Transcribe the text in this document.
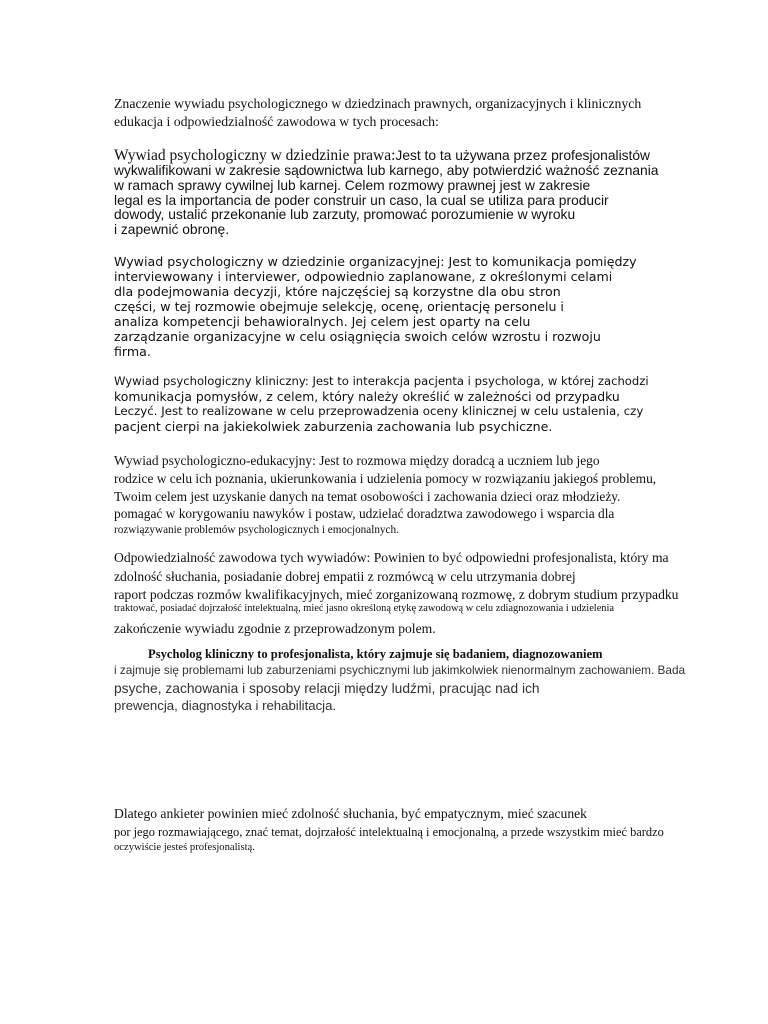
Znaczenie wywiadu psychologicznego w dziedzinach prawnych, organizacyjnych i klinicznych

edukacja i odpowiedzialność zawodowa w tych procesach:

Wywiad psychologiczny w dziedzinie prawa:Jest to ta używana przez profesjonalistów

wykwalifikowani w zakresie sądownictwa lub karnego, aby potwierdzić ważność zeznania

w ramach sprawy cywilnej lub karnej. Celem rozmowy prawnej jest w zakresie

legal es la importancia de poder construir un caso, la cual se utiliza para producir

dowody, ustalić przekonanie lub zarzuty, promować porozumienie w wyroku

i zapewnić obronę.

Wywiad psychologiczny w dziedzinie organizacyjnej: Jest to komunikacja pomiędzy

interviewowany i interviewer, odpowiednio zaplanowane, z określonymi celami

dla podejmowania decyzji, które najczęściej są korzystne dla obu stron

części, w tej rozmowie obejmuje selekcję, ocenę, orientację personelu i

analiza kompetencji behawioralnych. Jej celem jest oparty na celu

zarządzanie organizacyjne w celu osiągnięcia swoich celów wzrostu i rozwoju

firma.

Wywiad psychologiczny kliniczny: Jest to interakcja pacjenta i psychologa, w której zachodzi

komunikacja pomysłów, z celem, który należy określić w zależności od przypadku

Leczyć. Jest to realizowane w celu przeprowadzenia oceny klinicznej w celu ustalenia, czy

pacjent cierpi na jakiekolwiek zaburzenia zachowania lub psychiczne.

Wywiad psychologiczno-edukacyjny: Jest to rozmowa między doradcą a uczniem lub jego

rodzice w celu ich poznania, ukierunkowania i udzielenia pomocy w rozwiązaniu jakiegoś problemu,

Twoim celem jest uzyskanie danych na temat osobowości i zachowania dzieci oraz młodzieży.

pomagać w korygowaniu nawyków i postaw, udzielać doradztwa zawodowego i wsparcia dla

rozwiązywanie problemów psychologicznych i emocjonalnych.

Odpowiedzialność zawodowa tych wywiadów: Powinien to być odpowiedni profesjonalista, który ma

zdolność słuchania, posiadanie dobrej empatii z rozmówcą w celu utrzymania dobrej

raport podczas rozmów kwalifikacyjnych, mieć zorganizowaną rozmowę, z dobrym studium przypadku

traktować, posiadać dojrzałość intelektualną, mieć jasno określoną etykę zawodową w celu zdiagnozowania i udzielenia

zakończenie wywiadu zgodnie z przeprowadzonym polem.

Psycholog kliniczny to profesjonalista, który zajmuje się badaniem, diagnozowaniem

i zajmuje się problemami lub zaburzeniami psychicznymi lub jakimkolwiek nienormalnym zachowaniem. Bada

psyche, zachowania i sposoby relacji między ludźmi, pracując nad ich

prewencja, diagnostyka i rehabilitacja.

Dlatego ankieter powinien mieć zdolność słuchania, być empatycznym, mieć szacunek

por jego rozmawiającego, znać temat, dojrzałość intelektualną i emocjonalną, a przede wszystkim mieć bardzo

oczywiście jesteś profesjonalistą.
